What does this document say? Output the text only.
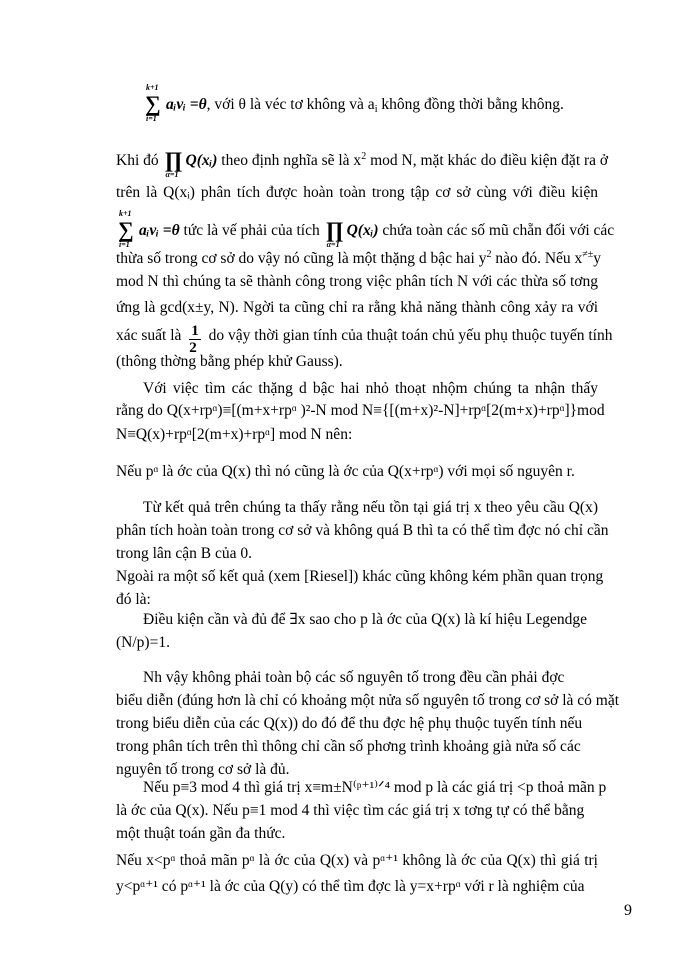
k+1
∑
i=1
aᵢvᵢ =θ, với θ là véc tơ không và $a_i$ không đồng thời bằng không.
Khi đó ∏
α=1
Q(xᵢ) theo định nghĩa sẽ là $x^2$ mod N, mặt khác do điều kiện đặt ra ở
trên là Q(xᵢ) phân tích được hoàn toàn trong tập cơ sở cùng với điều kiện
k+1
∑
i=1
aᵢvᵢ =θ tức là vế phải của tích ∏
α=1
Q(xᵢ) chứa toàn các số mũ chẵn đối với các
thừa số trong cơ sở do vậy nó cũng là một thặng d bậc hai $y^2$ nào đó. Nếu x≠±y
mod N thì chúng ta sẽ thành công trong việc phân tích N với các thừa số tơng
ứng là gcd(x±y, N). Ngời ta cũng chỉ ra rằng khả năng thành công xảy ra với
xác suất là $\frac{1}{2}$ do vậy thời gian tính của thuật toán chủ yếu phụ thuộc tuyến tính
(thông thờng bằng phép khử Gauss).
Với việc tìm các thặng d bậc hai nhỏ thoạt nhộm chúng ta nhận thấy
rằng do Q(x+rpᵅ)≡[(m+x+rpᵅ )²-N mod N≡{[(m+x)²-N]+rpᵅ[2(m+x)+rpᵅ]}mod
N≡Q(x)+rpᵅ[2(m+x)+rpᵅ] mod N nên:
Nếu pᵅ là ớc của Q(x) thì nó cũng là ớc của Q(x+rpᵅ) với mọi số nguyên r.
Từ kết quả trên chúng ta thấy rằng nếu tồn tại giá trị x theo yêu cầu Q(x)
phân tích hoàn toàn trong cơ sở và không quá B thì ta có thể tìm đợc nó chỉ cần
trong lân cận B của 0.
Ngoài ra một số kết quả (xem [Riesel]) khác cũng không kém phần quan trọng
đó là:
Điều kiện cần và đủ để ∃x sao cho p là ớc của Q(x) là kí hiệu Legendge
(N/p)=1.
Nh vậy không phải toàn bộ các số nguyên tố trong đều cần phải đợc
biểu diễn (đúng hơn là chỉ có khoảng một nửa số nguyên tố trong cơ sở là có mặt
trong biểu diễn của các Q(x)) do đó để thu đợc hệ phụ thuộc tuyến tính nếu
trong phân tích trên thì thông chỉ cần số phơng trình khoảng già nửa số các
nguyên tố trong cơ sở là đủ.
Nếu p≡3 mod 4 thì giá trị x≡m±N⁽ᵖ⁺¹⁾ᐟ⁴ mod p là các giá trị <p thoả mãn p
là ớc của Q(x). Nếu p≡1 mod 4 thì việc tìm các giá trị x tơng tự có thể bằng
một thuật toán gần đa thức.
Nếu x<pᵅ thoả mãn pᵅ là ớc của Q(x) và pᵅ⁺¹ không là ớc của Q(x) thì giá trị
y<pᵅ⁺¹ có pᵅ⁺¹ là ớc của Q(y) có thể tìm đợc là y=x+rpᵅ với r là nghiệm của
9
